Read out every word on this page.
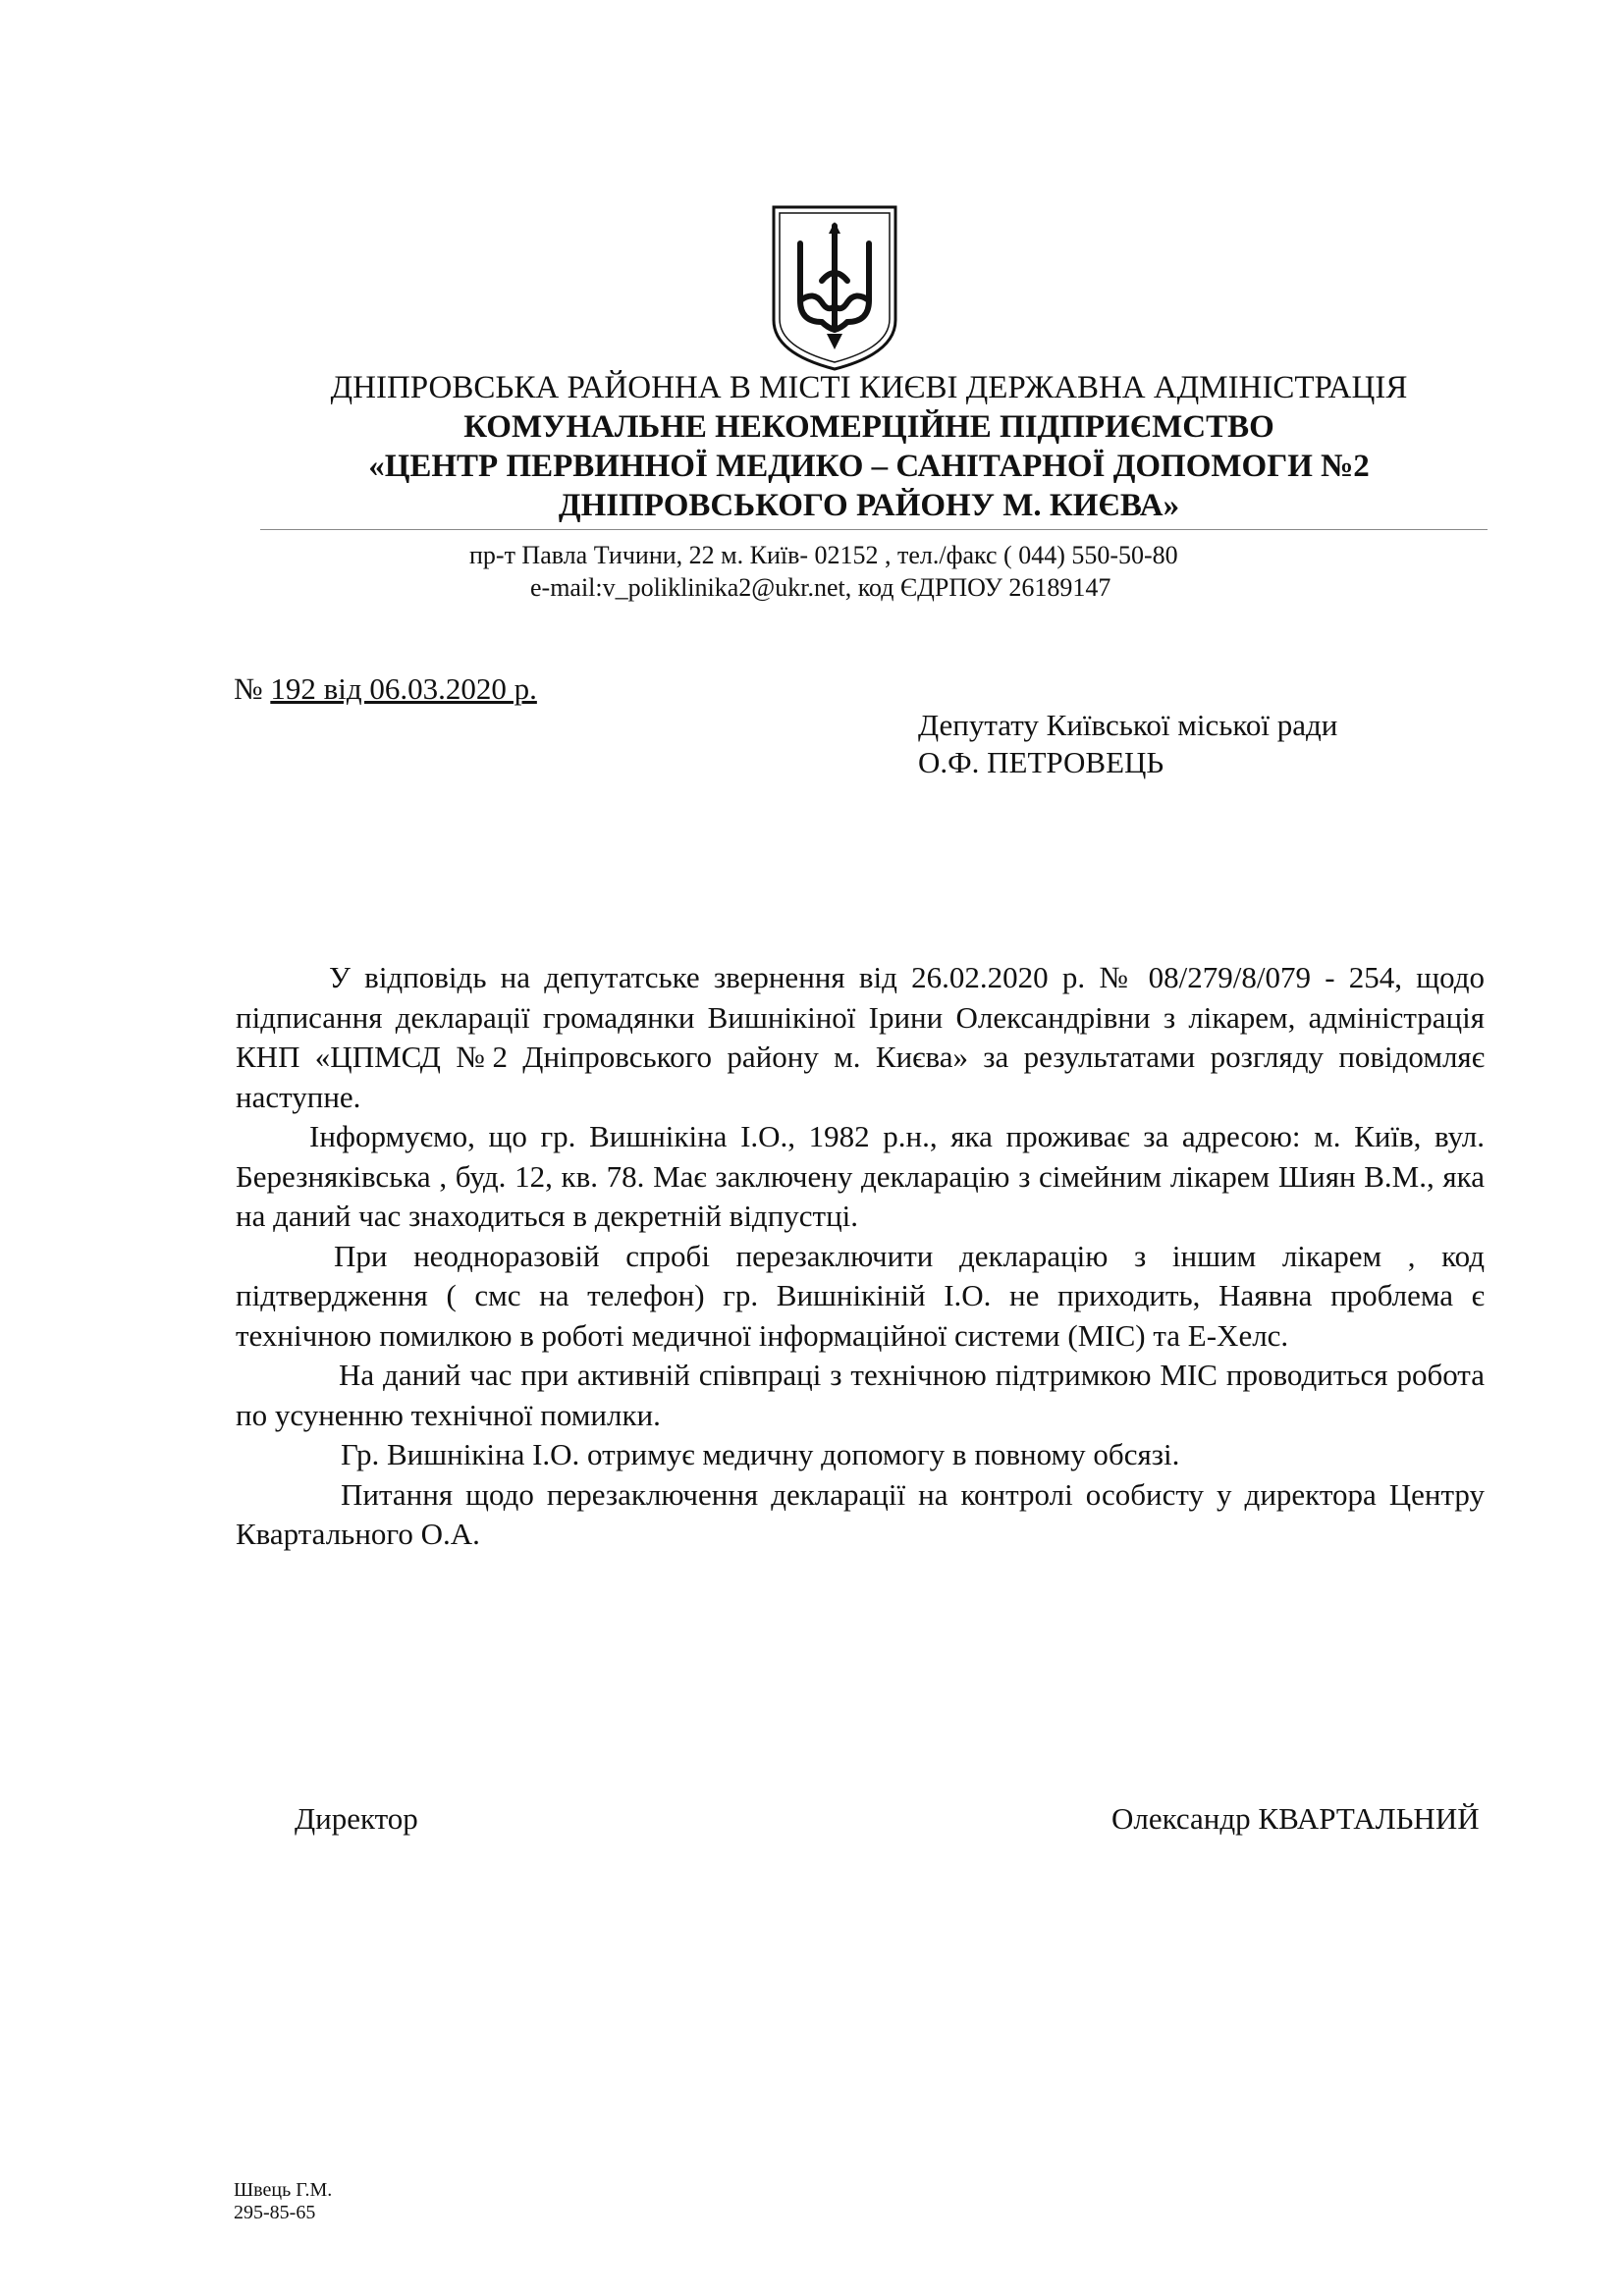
ДНІПРОВСЬКА РАЙОННА В МІСТІ КИЄВІ ДЕРЖАВНА АДМІНІСТРАЦІЯ
КОМУНАЛЬНЕ НЕКОМЕРЦІЙНЕ ПІДПРИЄМСТВО
«ЦЕНТР ПЕРВИННОЇ МЕДИКО – САНІТАРНОЇ ДОПОМОГИ №2
ДНІПРОВСЬКОГО РАЙОНУ М. КИЄВА»
пр-т Павла Тичини, 22 м. Київ- 02152 , тел./факс ( 044) 550-50-80
e-mail:v_poliklinika2@ukr.net, код ЄДРПОУ 26189147
№ 192 від 06.03.2020 р.
Депутату Київської міської ради
О.Ф. ПЕТРОВЕЦЬ

У відповідь на депутатське звернення від 26.02.2020 р. № 08/279/8/079 - 254, щодо підписання декларації громадянки Вишнікіної Ірини Олександрівни з лікарем, адміністрація КНП «ЦПМСД №2 Дніпровського району м. Києва» за результатами розгляду повідомляє наступне.

Інформуємо, що гр. Вишнікіна І.О., 1982 р.н., яка проживає за адресою: м. Київ, вул. Березняківська , буд. 12, кв. 78. Має заключену декларацію з сімейним лікарем Шиян В.М., яка на даний час знаходиться в декретній відпустці.

При неодноразовій спробі перезаключити декларацію з іншим лікарем , код підтвердження ( смс на телефон) гр. Вишнікіній І.О. не приходить, Наявна проблема є технічною помилкою в роботі медичної інформаційної системи (МІС) та Е-Хелс.

На даний час при активній співпраці з технічною підтримкою МІС проводиться робота по усуненню технічної помилки.

Гр. Вишнікіна І.О. отримує медичну допомогу в повному обсязі.

Питання щодо перезаключення декларації на контролі особисту у директора Центру Квартального О.А.

Директор	Олександр КВАРТАЛЬНИЙ
Швець Г.М.
295-85-65
